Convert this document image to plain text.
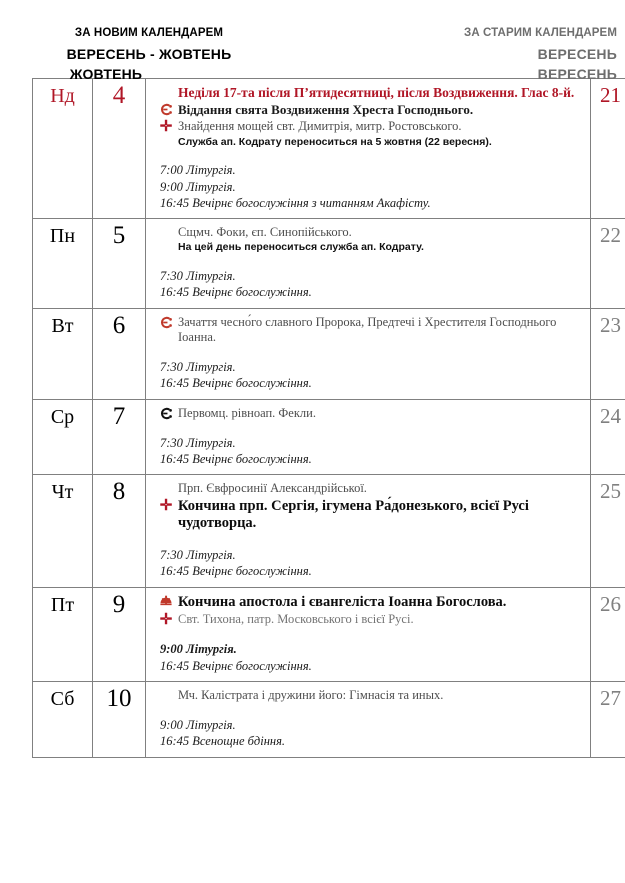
ЗА НОВИМ КАЛЕНДАРЕМ
ВЕРЕСЕНЬ - ЖОВТЕНЬ
ЖОВТЕНЬ
ЗА СТАРИМ КАЛЕНДАРЕМ
ВЕРЕСЕНЬ
ВЕРЕСЕНЬ
Нд	4	Неділя 17-та після П’ятидесятниці, після Воздвиження. Глас 8-й.
Віддання свята Воздвиження Хреста Господнього.
✛ Знайдення мощей свт. Димитрія, митр. Ростовського.
Служба ап. Кодрату переноситься на 5 жовтня (22 вересня).
7:00 Літургія.
9:00 Літургія.
16:45 Вечірнє богослужіння з читанням Акафісту.

21

Пн	5	Сщмч. Фоки, єп. Синопійського.
На цей день переноситься служба ап. Кодрату.
7:30 Літургія.
16:45 Вечірнє богослужіння.	22

Вт	6	Зачаття чесно́го славного Пророка, Предтечі і Хрестителя Господнього Іоанна.
7:30 Літургія.
16:45 Вечірнє богослужіння.	23

Ср	7	Первомц. рівноап. Фекли.
7:30 Літургія.
16:45 Вечірнє богослужіння.	24

Чт	8	Прп. Євфросинії Александрійської.
✛ Кончина прп. Сергія, ігумена Ра́донезького, всієї Русі чудотворца.
7:30 Літургія.
16:45 Вечірнє богослужіння.	25

Пт	9	Кончина апостола і євангеліста Іоанна Богослова.
✛ Свт. Тихона, патр. Московського і всієї Русі.
9:00 Літургія.
16:45 Вечірнє богослужіння.	26

Сб	10	Мч. Калістрата і дружини його: Гімнасія та иных.
9:00 Літургія.
16:45 Всенощне бдіння.	27
